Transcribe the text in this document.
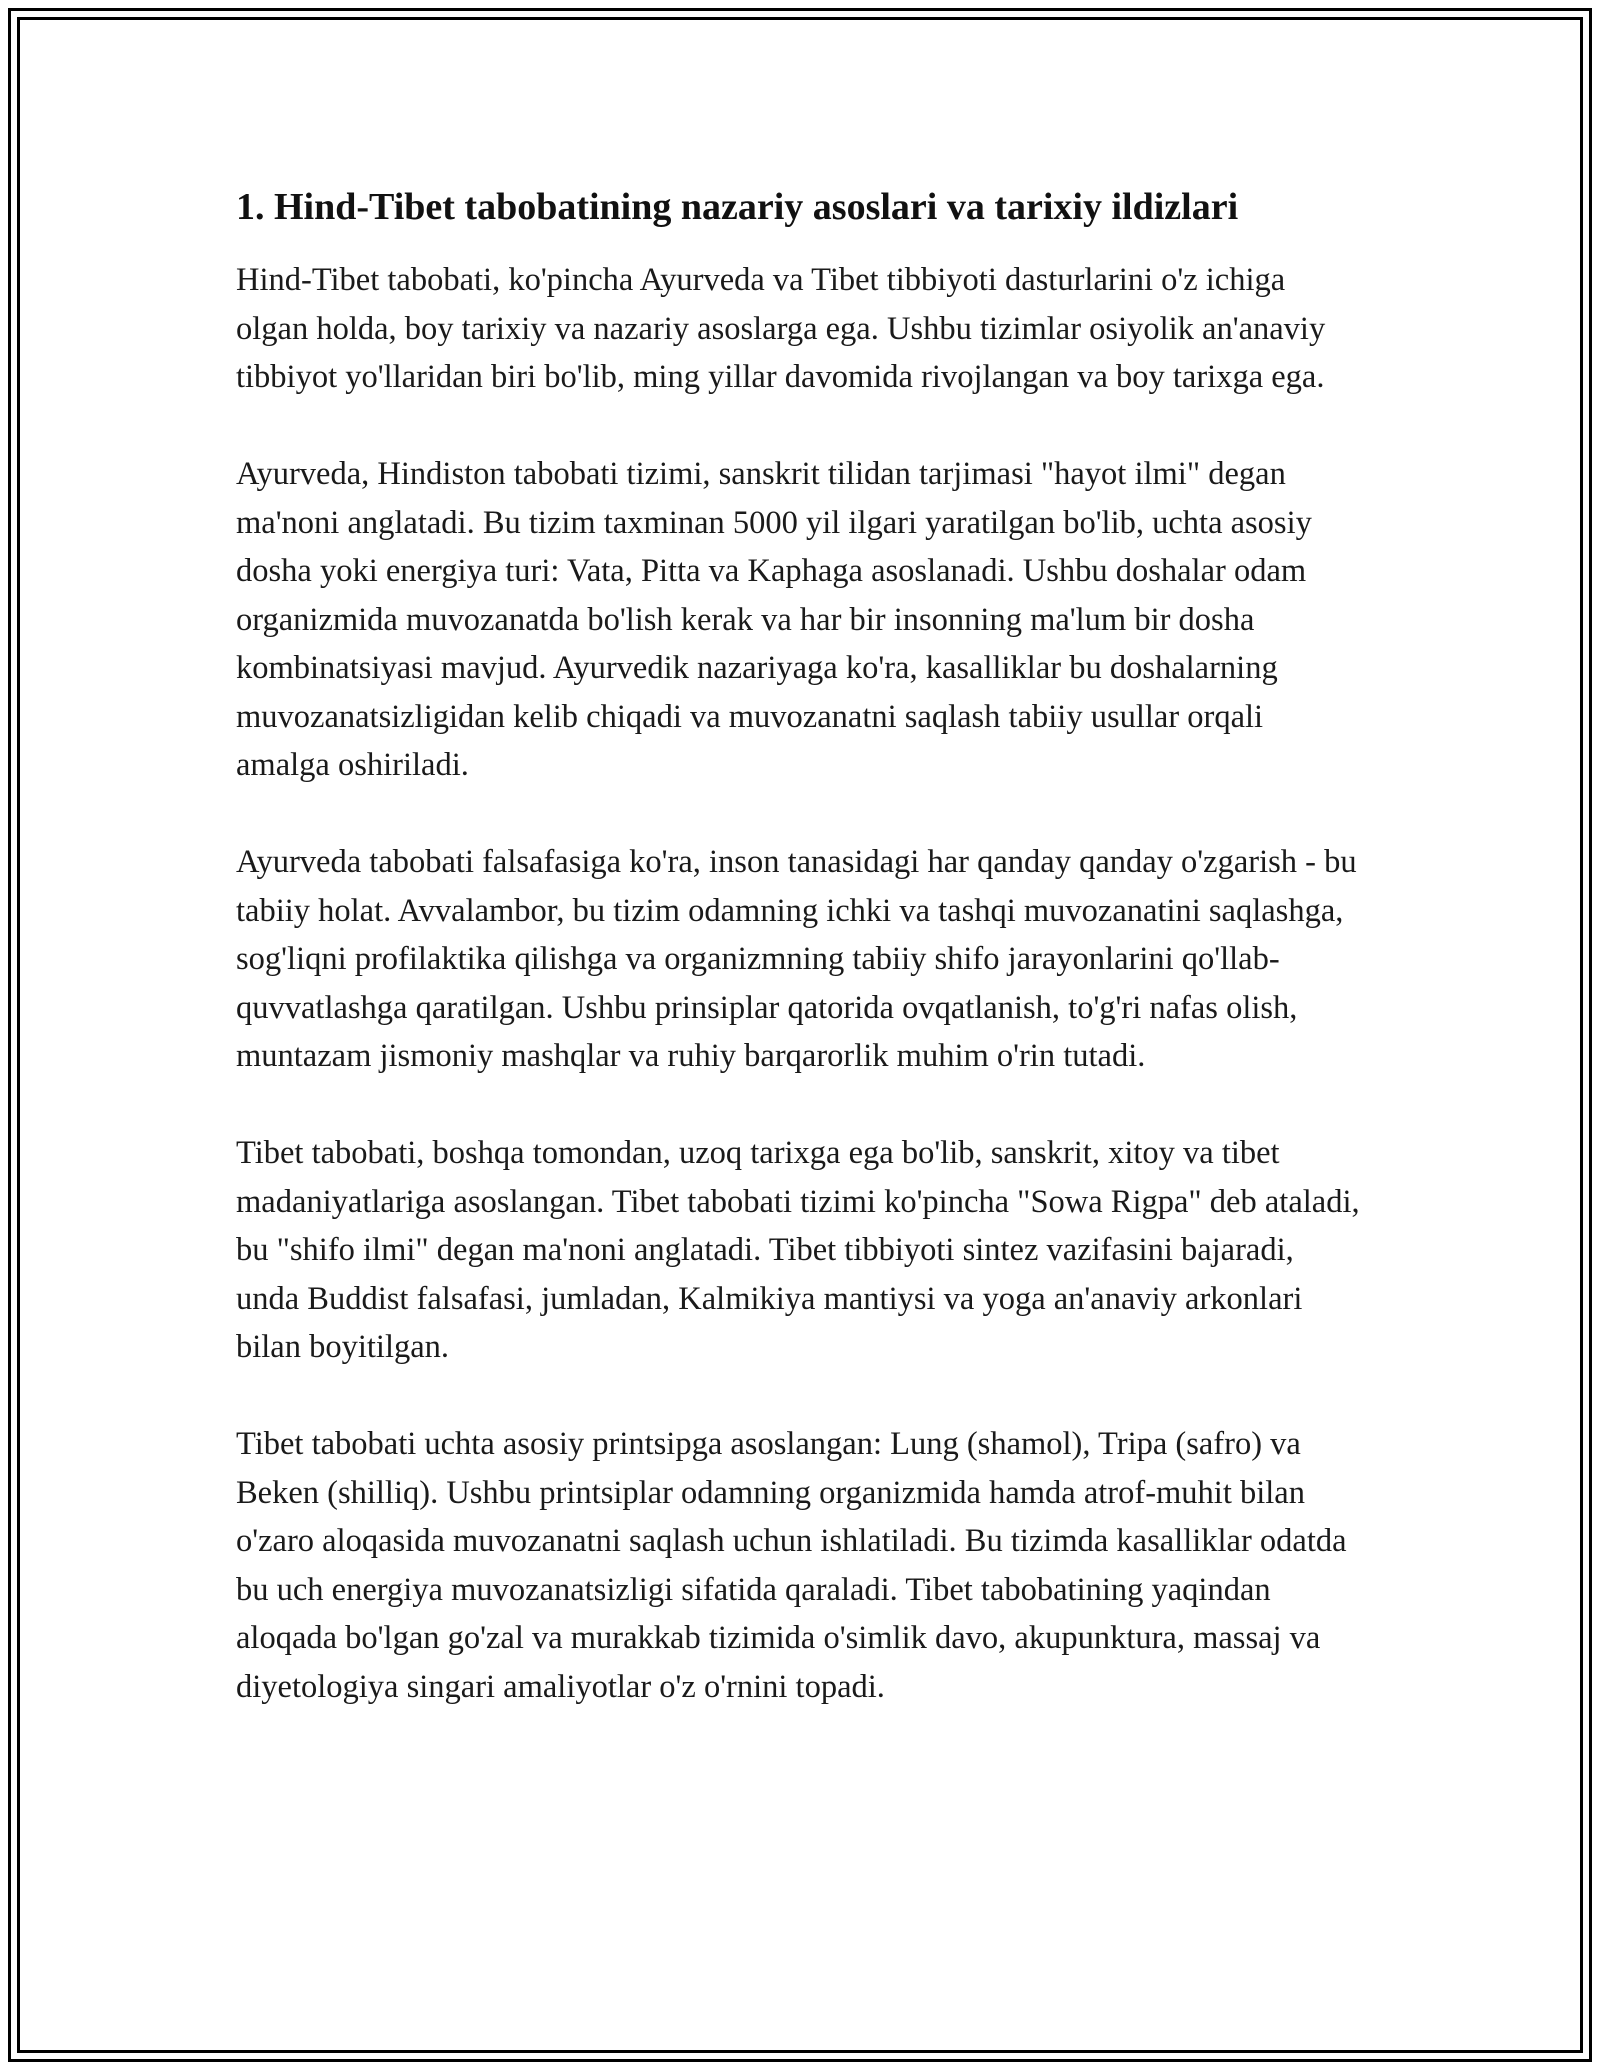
1. Hind-Tibet tabobatining nazariy asoslari va tarixiy ildizlari

Hind-Tibet tabobati, ko'pincha Ayurveda va Tibet tibbiyoti dasturlarini o'z ichiga olgan holda, boy tarixiy va nazariy asoslarga ega. Ushbu tizimlar osiyolik an'anaviy tibbiyot yo'llaridan biri bo'lib, ming yillar davomida rivojlangan va boy tarixga ega.

Ayurveda, Hindiston tabobati tizimi, sanskrit tilidan tarjimasi "hayot ilmi" degan ma'noni anglatadi. Bu tizim taxminan 5000 yil ilgari yaratilgan bo'lib, uchta asosiy dosha yoki energiya turi: Vata, Pitta va Kaphaga asoslanadi. Ushbu doshalar odam organizmida muvozanatda bo'lish kerak va har bir insonning ma'lum bir dosha kombinatsiyasi mavjud. Ayurvedik nazariyaga ko'ra, kasalliklar bu doshalarning muvozanatsizligidan kelib chiqadi va muvozanatni saqlash tabiiy usullar orqali amalga oshiriladi.

Ayurveda tabobati falsafasiga ko'ra, inson tanasidagi har qanday qanday o'zgarish - bu tabiiy holat. Avvalambor, bu tizim odamning ichki va tashqi muvozanatini saqlashga, sog'liqni profilaktika qilishga va organizmning tabiiy shifo jarayonlarini qo'llab-quvvatlashga qaratilgan. Ushbu prinsiplar qatorida ovqatlanish, to'g'ri nafas olish, muntazam jismoniy mashqlar va ruhiy barqarorlik muhim o'rin tutadi.

Tibet tabobati, boshqa tomondan, uzoq tarixga ega bo'lib, sanskrit, xitoy va tibet madaniyatlariga asoslangan. Tibet tabobati tizimi ko'pincha "Sowa Rigpa" deb ataladi, bu "shifo ilmi" degan ma'noni anglatadi. Tibet tibbiyoti sintez vazifasini bajaradi, unda Buddist falsafasi, jumladan, Kalmikiya mantiysi va yoga an'anaviy arkonlari bilan boyitilgan.

Tibet tabobati uchta asosiy printsipga asoslangan: Lung (shamol), Tripa (safro) va Beken (shilliq). Ushbu printsiplar odamning organizmida hamda atrof-muhit bilan o'zaro aloqasida muvozanatni saqlash uchun ishlatiladi. Bu tizimda kasalliklar odatda bu uch energiya muvozanatsizligi sifatida qaraladi. Tibet tabobatining yaqindan aloqada bo'lgan go'zal va murakkab tizimida o'simlik davo, akupunktura, massaj va diyetologiya singari amaliyotlar o'z o'rnini topadi.
